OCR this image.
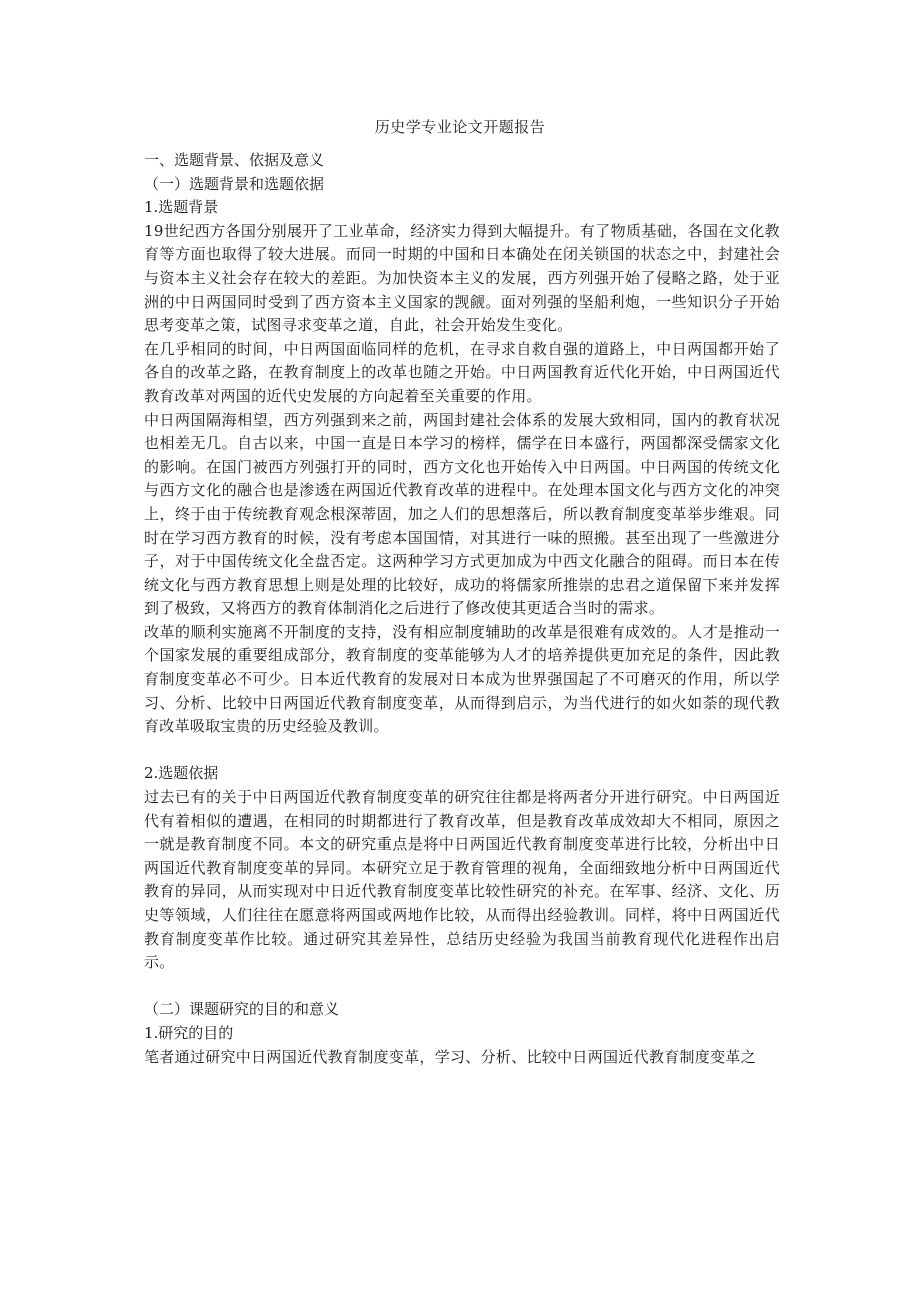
历史学专业论文开题报告

一、选题背景、依据及意义

（一）选题背景和选题依据

1.选题背景

19世纪西方各国分别展开了工业革命，经济实力得到大幅提升。有了物质基础，各国在文化教育等方面也取得了较大进展。而同一时期的中国和日本确处在闭关锁国的状态之中，封建社会与资本主义社会存在较大的差距。为加快资本主义的发展，西方列强开始了侵略之路，处于亚洲的中日两国同时受到了西方资本主义国家的觊觎。面对列强的坚船利炮，一些知识分子开始思考变革之策，试图寻求变革之道，自此，社会开始发生变化。

在几乎相同的时间，中日两国面临同样的危机，在寻求自救自强的道路上，中日两国都开始了各自的改革之路，在教育制度上的改革也随之开始。中日两国教育近代化开始，中日两国近代教育改革对两国的近代史发展的方向起着至关重要的作用。

中日两国隔海相望，西方列强到来之前，两国封建社会体系的发展大致相同，国内的教育状况也相差无几。自古以来，中国一直是日本学习的榜样，儒学在日本盛行，两国都深受儒家文化的影响。在国门被西方列强打开的同时，西方文化也开始传入中日两国。中日两国的传统文化与西方文化的融合也是渗透在两国近代教育改革的进程中。在处理本国文化与西方文化的冲突上，终于由于传统教育观念根深蒂固，加之人们的思想落后，所以教育制度变革举步维艰。同时在学习西方教育的时候，没有考虑本国国情，对其进行一味的照搬。甚至出现了一些激进分子，对于中国传统文化全盘否定。这两种学习方式更加成为中西文化融合的阻碍。而日本在传统文化与西方教育思想上则是处理的比较好，成功的将儒家所推崇的忠君之道保留下来并发挥到了极致，又将西方的教育体制消化之后进行了修改使其更适合当时的需求。

改革的顺利实施离不开制度的支持，没有相应制度辅助的改革是很难有成效的。人才是推动一个国家发展的重要组成部分，教育制度的变革能够为人才的培养提供更加充足的条件，因此教育制度变革必不可少。日本近代教育的发展对日本成为世界强国起了不可磨灭的作用，所以学习、分析、比较中日两国近代教育制度变革，从而得到启示，为当代进行的如火如荼的现代教育改革吸取宝贵的历史经验及教训。

2.选题依据

过去已有的关于中日两国近代教育制度变革的研究往往都是将两者分开进行研究。中日两国近代有着相似的遭遇，在相同的时期都进行了教育改革，但是教育改革成效却大不相同，原因之一就是教育制度不同。本文的研究重点是将中日两国近代教育制度变革进行比较，分析出中日两国近代教育制度变革的异同。本研究立足于教育管理的视角，全面细致地分析中日两国近代教育的异同，从而实现对中日近代教育制度变革比较性研究的补充。在军事、经济、文化、历史等领域，人们往往在愿意将两国或两地作比较，从而得出经验教训。同样，将中日两国近代教育制度变革作比较。通过研究其差异性，总结历史经验为我国当前教育现代化进程作出启示。

（二）课题研究的目的和意义

1.研究的目的

笔者通过研究中日两国近代教育制度变革，学习、分析、比较中日两国近代教育制度变革之
